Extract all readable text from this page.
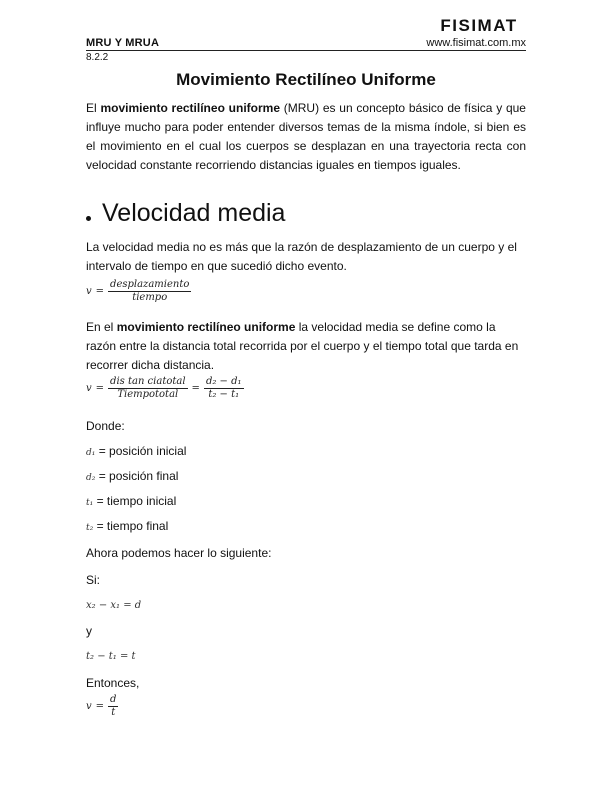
FISIMAT
MRU Y MRUA	www.fisimat.com.mx
8.2.2
Movimiento Rectilíneo Uniforme
El movimiento rectilíneo uniforme (MRU) es un concepto básico de física y que influye mucho para poder entender diversos temas de la misma índole, si bien es el movimiento en el cual los cuerpos se desplazan en una trayectoria recta con velocidad constante recorriendo distancias iguales en tiempos iguales.
Velocidad media
La velocidad media no es más que la razón de desplazamiento de un cuerpo y el intervalo de tiempo en que sucedió dicho evento.
$v = \frac{\text{desplazamiento}}{\text{tiempo}}$
En el movimiento rectilíneo uniforme la velocidad media se define como la razón entre la distancia total recorrida por el cuerpo y el tiempo total que tarda en recorrer dicha distancia.
$v = \frac{\text{dis tan ciatotal}}{\text{Tiempototal}} = \frac{\text{d₂ − d₁}}{\text{t₂ − t₁}}$
Donde:
d₁ = posición inicial
d₂ = posición final
t₁ = tiempo inicial
t₂ = tiempo final
Ahora podemos hacer lo siguiente:
Si:
x₂ − x₁ = d
y
t₂ − t₁ = t
Entonces,
$v = \frac{d}{t}$
